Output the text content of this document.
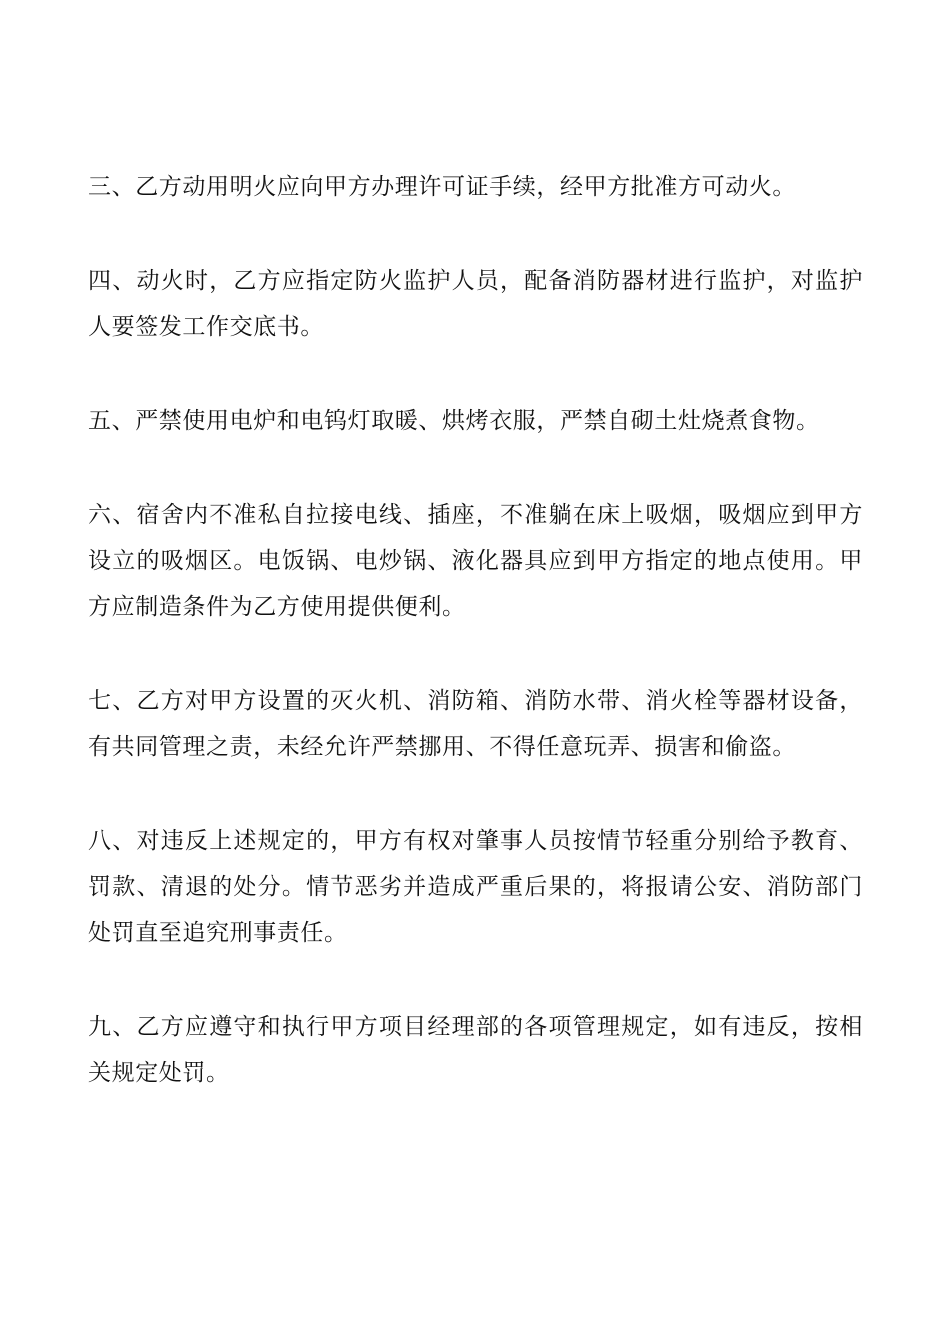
三、乙方动用明火应向甲方办理许可证手续，经甲方批准方可动火。

四、动火时，乙方应指定防火监护人员，配备消防器材进行监护，对监护人要签发工作交底书。

五、严禁使用电炉和电钨灯取暖、烘烤衣服，严禁自砌土灶烧煮食物。

六、宿舍内不准私自拉接电线、插座，不准躺在床上吸烟，吸烟应到甲方设立的吸烟区。电饭锅、电炒锅、液化器具应到甲方指定的地点使用。甲方应制造条件为乙方使用提供便利。

七、乙方对甲方设置的灭火机、消防箱、消防水带、消火栓等器材设备，有共同管理之责，未经允许严禁挪用、不得任意玩弄、损害和偷盗。

八、对违反上述规定的，甲方有权对肇事人员按情节轻重分别给予教育、罚款、清退的处分。情节恶劣并造成严重后果的，将报请公安、消防部门处罚直至追究刑事责任。

九、乙方应遵守和执行甲方项目经理部的各项管理规定，如有违反，按相关规定处罚。
